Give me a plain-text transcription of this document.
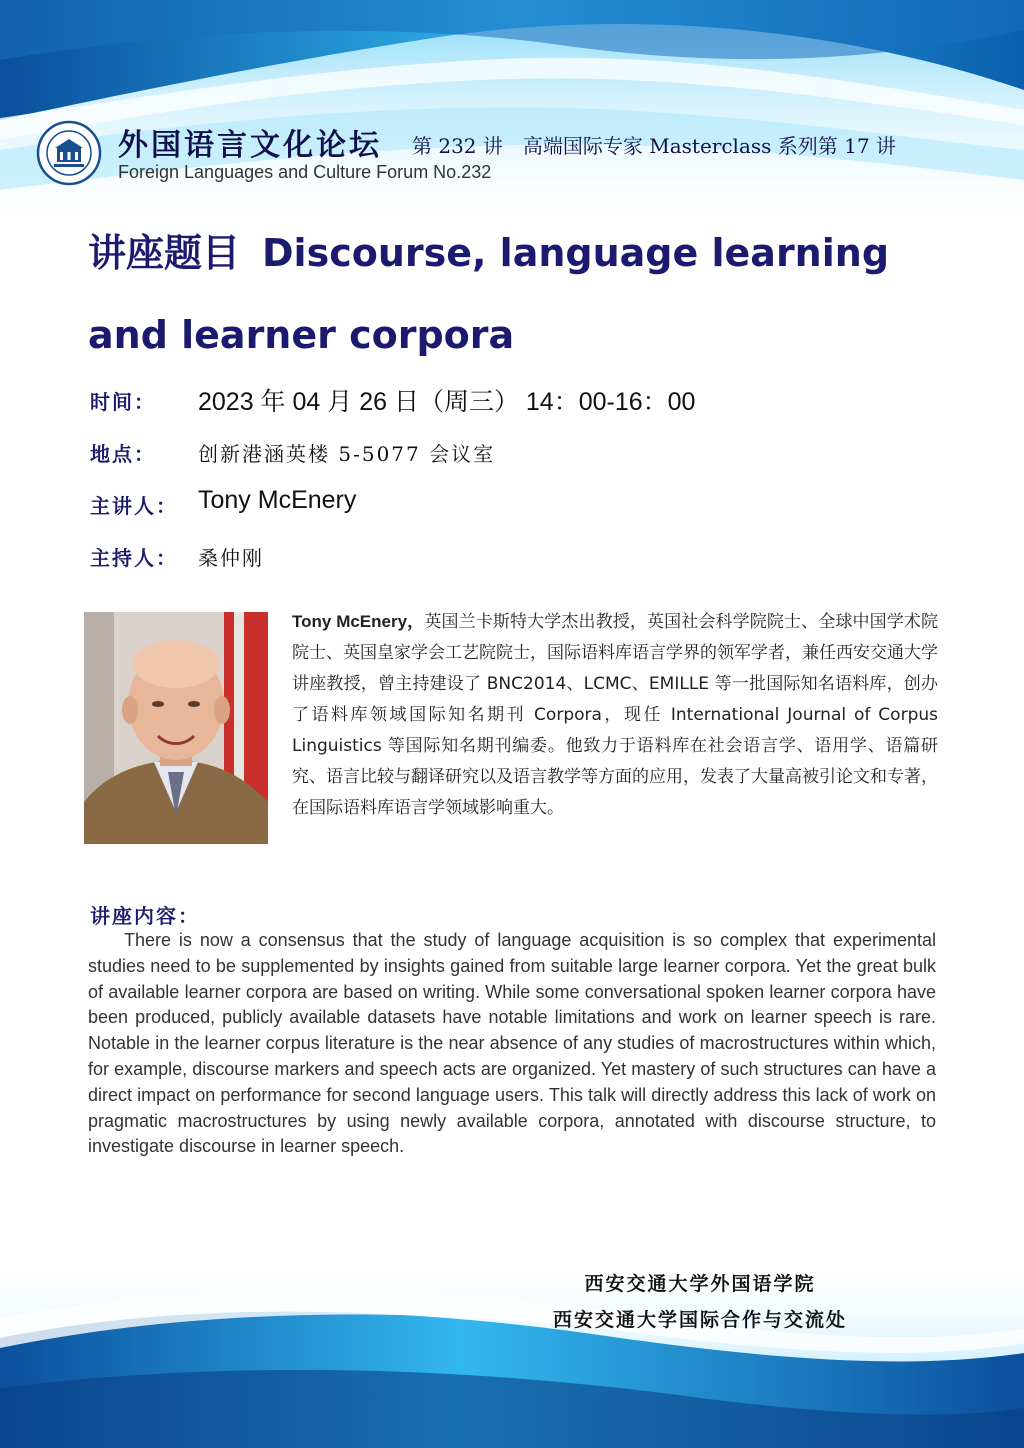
外国语言文化论坛 第 232 讲　高端国际专家 Masterclass 系列第 17 讲
Foreign Languages and Culture Forum No.232
讲座题目 Discourse, language learning and learner corpora
时间： 2023 年 04 月 26 日（周三） 14：00-16：00
地点： 创新港涵英楼 5-5077 会议室
主讲人： Tony McEnery
主持人： 桑仲刚
Tony McEnery，英国兰卡斯特大学杰出教授，英国社会科学院院士、全球中国学术院院士、英国皇家学会工艺院院士，国际语料库语言学界的领军学者，兼任西安交通大学讲座教授，曾主持建设了 BNC2014、LCMC、EMILLE 等一批国际知名语料库，创办了语料库领域国际知名期刊 Corpora，现任 International Journal of Corpus Linguistics 等国际知名期刊编委。他致力于语料库在社会语言学、语用学、语篇研究、语言比较与翻译研究以及语言教学等方面的应用，发表了大量高被引论文和专著，在国际语料库语言学领域影响重大。
讲座内容：
There is now a consensus that the study of language acquisition is so complex that experimental studies need to be supplemented by insights gained from suitable large learner corpora. Yet the great bulk of available learner corpora are based on writing. While some conversational spoken learner corpora have been produced, publicly available datasets have notable limitations and work on learner speech is rare. Notable in the learner corpus literature is the near absence of any studies of macrostructures within which, for example, discourse markers and speech acts are organized. Yet mastery of such structures can have a direct impact on performance for second language users. This talk will directly address this lack of work on pragmatic macrostructures by using newly available corpora, annotated with discourse structure, to investigate discourse in learner speech.
西安交通大学外国语学院
西安交通大学国际合作与交流处
